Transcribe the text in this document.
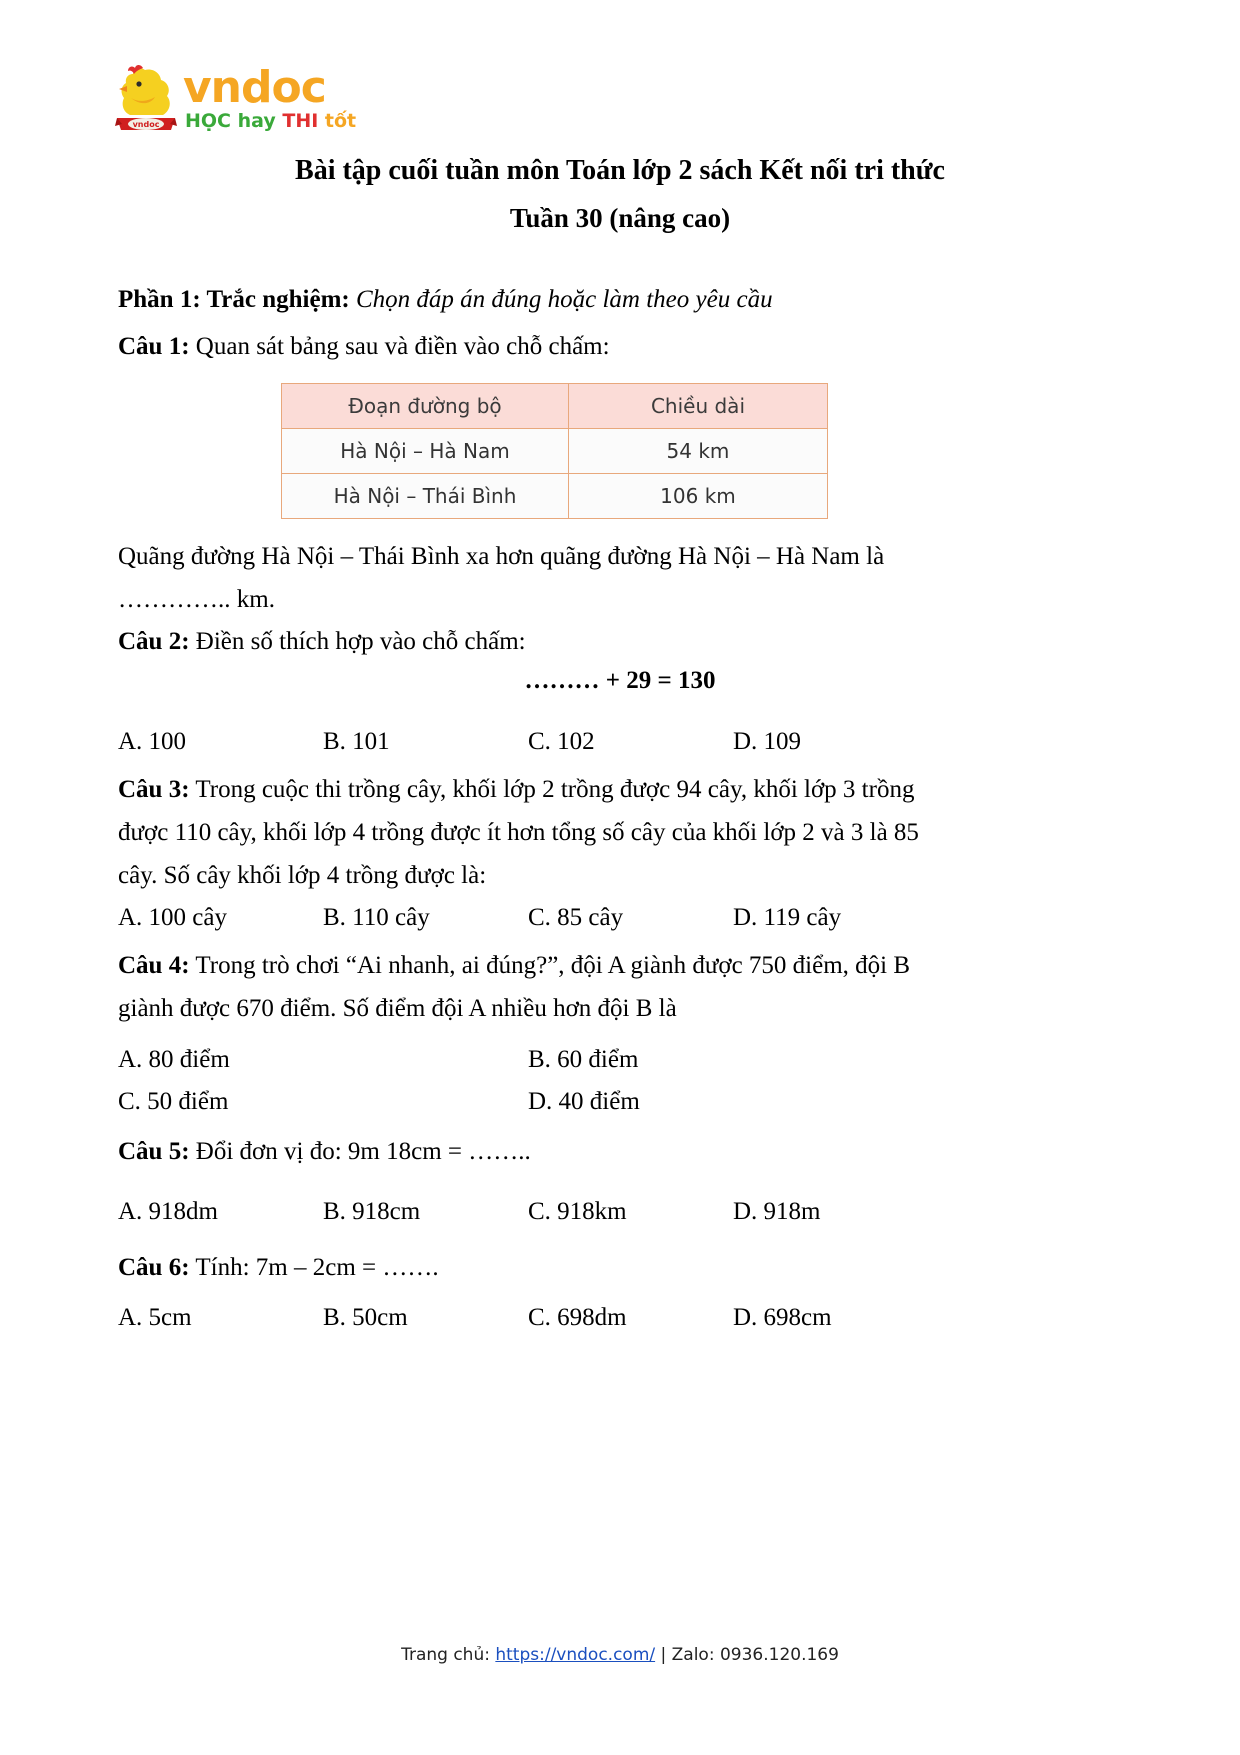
vndoc
vndoc
HỌC hay THI tốt
Bài tập cuối tuần môn Toán lớp 2 sách Kết nối tri thức
Tuần 30 (nâng cao)
Phần 1: Trắc nghiệm: Chọn đáp án đúng hoặc làm theo yêu cầu
Câu 1: Quan sát bảng sau và điền vào chỗ chấm:
Đoạn đường bộ	Chiều dài
Hà Nội – Hà Nam	54 km
Hà Nội – Thái Bình	106 km
Quãng đường Hà Nội – Thái Bình xa hơn quãng đường Hà Nội – Hà Nam là ………….. km.
Câu 2: Điền số thích hợp vào chỗ chấm:
……… + 29 = 130
A. 100	B. 101	C. 102	D. 109
Câu 3: Trong cuộc thi trồng cây, khối lớp 2 trồng được 94 cây, khối lớp 3 trồng được 110 cây, khối lớp 4 trồng được ít hơn tổng số cây của khối lớp 2 và 3 là 85 cây. Số cây khối lớp 4 trồng được là:
A. 100 cây	B. 110 cây	C. 85 cây	D. 119 cây
Câu 4: Trong trò chơi “Ai nhanh, ai đúng?”, đội A giành được 750 điểm, đội B giành được 670 điểm. Số điểm đội A nhiều hơn đội B là
A. 80 điểm	B. 60 điểm
C. 50 điểm	D. 40 điểm
Câu 5: Đổi đơn vị đo: 9m 18cm = ……..
A. 918dm	B. 918cm	C. 918km	D. 918m
Câu 6: Tính: 7m – 2cm = …….
A. 5cm	B. 50cm	C. 698dm	D. 698cm
Trang chủ: https://vndoc.com/ | Zalo: 0936.120.169
